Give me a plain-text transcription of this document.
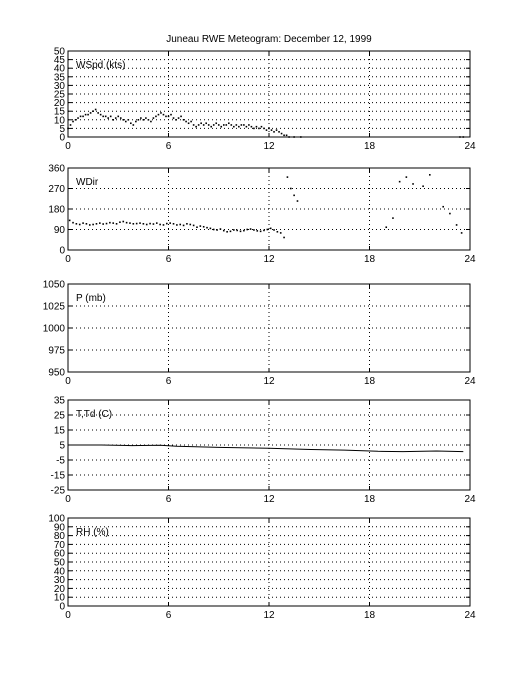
Juneau RWE Meteogram: December 12, 1999
0	6	12	18	24
0
5
10
15
20
25
30
35
40
45
50
WSpd (kts)
0	6	12	18	24
0
90
180
270
360
WDir
0	6	12	18	24
950
975
1000
1025
1050
P (mb)
0	6	12	18	24
-25
-15
-5
5
15
25
35
T,Td (C)
0	6	12	18	24
0
10
20
30
40
50
60
70
80
90
100
RH (%)
